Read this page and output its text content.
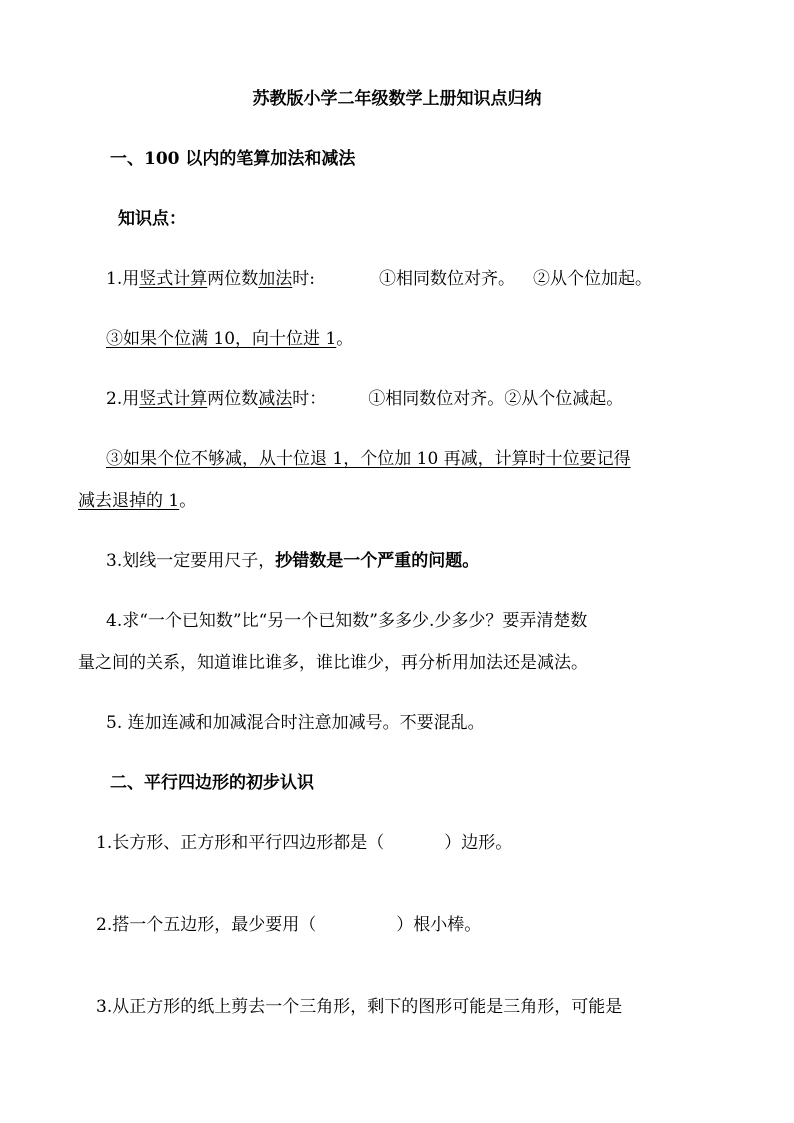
苏教版小学二年级数学上册知识点归纳
一、100 以内的笔算加法和减法
知识点：
1.用竖式计算两位数加法时:	①相同数位对齐。 ②从个位加起。
③如果个位满 10，向十位进 1。
2.用竖式计算两位数减法时： ①相同数位对齐。②从个位减起。
③如果个位不够减，从十位退 1，个位加 10 再减，计算时十位要记得
减去退掉的 1。
3.划线一定要用尺子，抄错数是一个严重的问题。
4.求“一个已知数”比“另一个已知数”多多少.少多少？要弄清楚数
量之间的关系，知道谁比谁多，谁比谁少，再分析用加法还是减法。
5. 连加连减和加减混合时注意加减号。不要混乱。
二、平行四边形的初步认识
1.长方形、正方形和平行四边形都是（	）边形。
2.搭一个五边形，最少要用（	）根小棒。
3.从正方形的纸上剪去一个三角形，剩下的图形可能是三角形，可能是
